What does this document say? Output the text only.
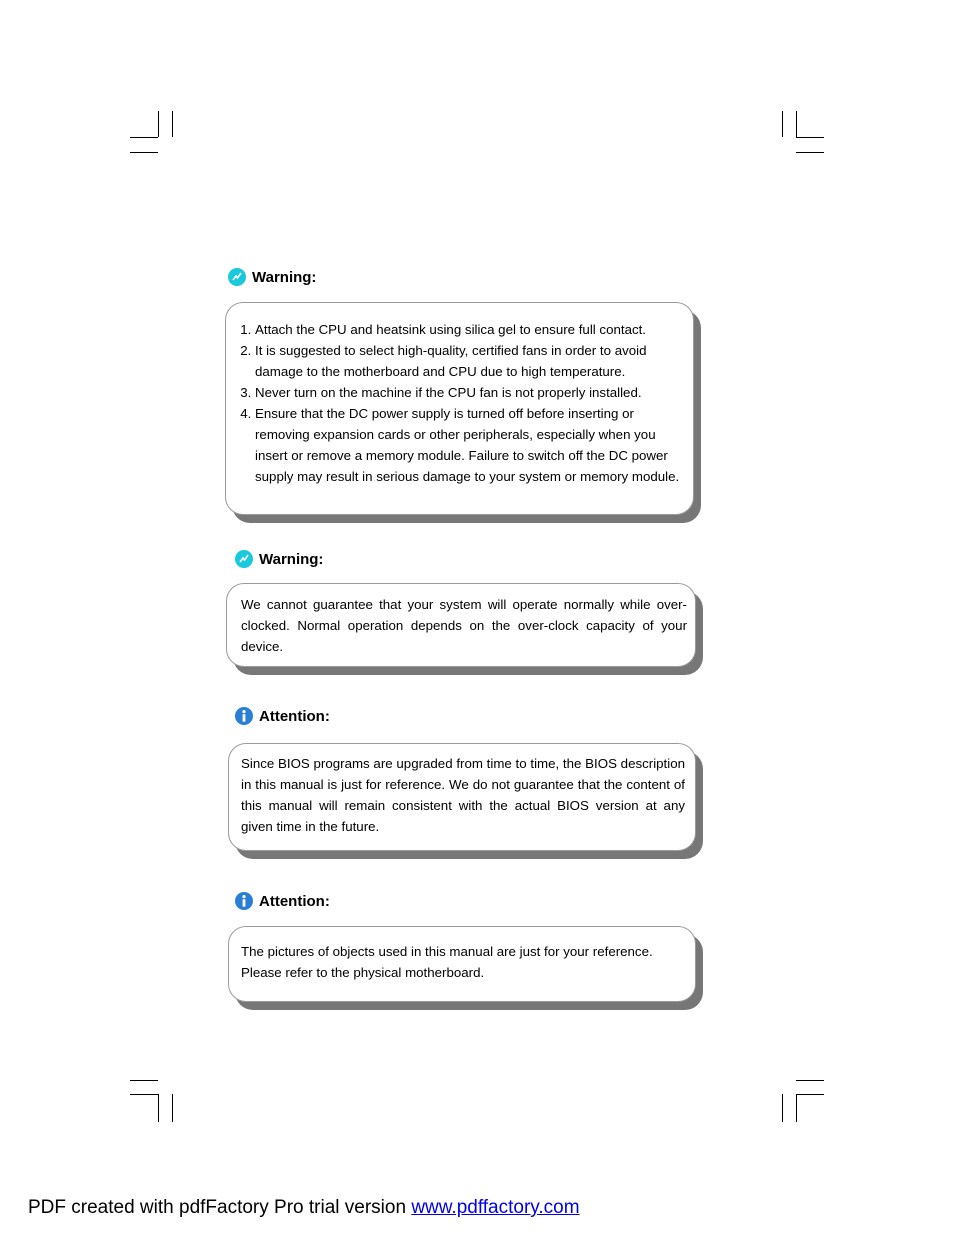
Warning:
1. Attach the CPU and heatsink using silica gel to ensure full contact.
2. It is suggested to select high-quality, certified fans in order to avoid damage to the motherboard and CPU due to high temperature.
3. Never turn on the machine if the CPU fan is not properly installed.
4. Ensure that the DC power supply is turned off before inserting or removing expansion cards or other peripherals, especially when you insert or remove a memory module. Failure to switch off the DC power supply may result in serious damage to your system or memory module.
Warning:
We cannot guarantee that your system will operate normally while over-clocked. Normal operation depends on the over-clock capacity of your device.
Attention:
Since BIOS programs are upgraded from time to time, the BIOS description in this manual is just for reference. We do not guarantee that the content of this manual will remain consistent with the actual BIOS version at any given time in the future.
Attention:
The pictures of objects used in this manual are just for your reference. Please refer to the physical motherboard.
PDF created with pdfFactory Pro trial version www.pdffactory.com
